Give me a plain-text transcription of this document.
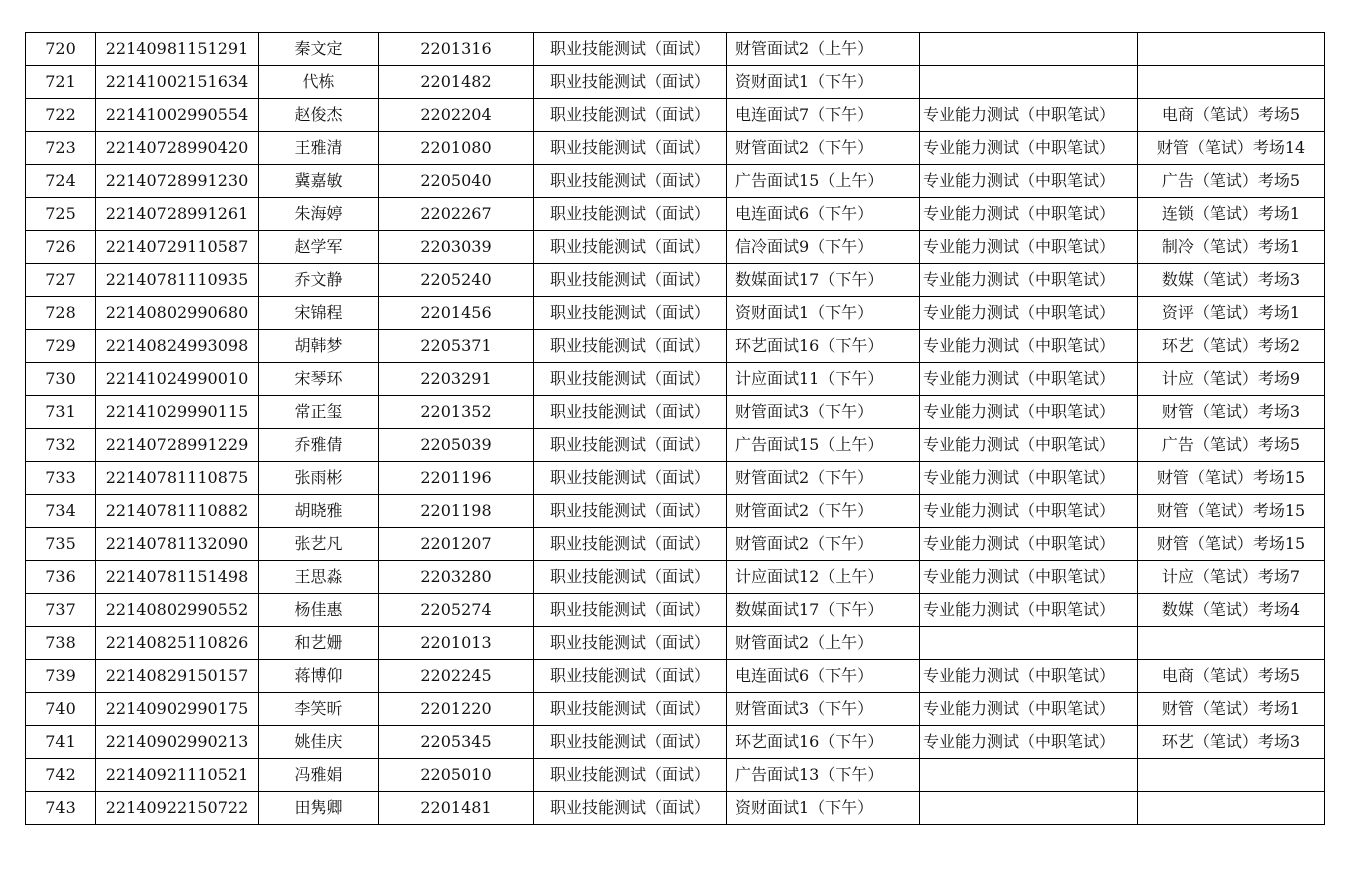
720	22140981151291	秦文定	2201316	职业技能测试（面试）	财管面试2（上午）		
721	22141002151634	代栋	2201482	职业技能测试（面试）	资财面试1（下午）		
722	22141002990554	赵俊杰	2202204	职业技能测试（面试）	电连面试7（下午）	专业能力测试（中职笔试）	电商（笔试）考场5
723	22140728990420	王雅清	2201080	职业技能测试（面试）	财管面试2（下午）	专业能力测试（中职笔试）	财管（笔试）考场14
724	22140728991230	冀嘉敏	2205040	职业技能测试（面试）	广告面试15（上午）	专业能力测试（中职笔试）	广告（笔试）考场5
725	22140728991261	朱海婷	2202267	职业技能测试（面试）	电连面试6（下午）	专业能力测试（中职笔试）	连锁（笔试）考场1
726	22140729110587	赵学军	2203039	职业技能测试（面试）	信冷面试9（下午）	专业能力测试（中职笔试）	制冷（笔试）考场1
727	22140781110935	乔文静	2205240	职业技能测试（面试）	数媒面试17（下午）	专业能力测试（中职笔试）	数媒（笔试）考场3
728	22140802990680	宋锦程	2201456	职业技能测试（面试）	资财面试1（下午）	专业能力测试（中职笔试）	资评（笔试）考场1
729	22140824993098	胡韩梦	2205371	职业技能测试（面试）	环艺面试16（下午）	专业能力测试（中职笔试）	环艺（笔试）考场2
730	22141024990010	宋琴环	2203291	职业技能测试（面试）	计应面试11（下午）	专业能力测试（中职笔试）	计应（笔试）考场9
731	22141029990115	常正玺	2201352	职业技能测试（面试）	财管面试3（下午）	专业能力测试（中职笔试）	财管（笔试）考场3
732	22140728991229	乔雅倩	2205039	职业技能测试（面试）	广告面试15（上午）	专业能力测试（中职笔试）	广告（笔试）考场5
733	22140781110875	张雨彬	2201196	职业技能测试（面试）	财管面试2（下午）	专业能力测试（中职笔试）	财管（笔试）考场15
734	22140781110882	胡晓雅	2201198	职业技能测试（面试）	财管面试2（下午）	专业能力测试（中职笔试）	财管（笔试）考场15
735	22140781132090	张艺凡	2201207	职业技能测试（面试）	财管面试2（下午）	专业能力测试（中职笔试）	财管（笔试）考场15
736	22140781151498	王思淼	2203280	职业技能测试（面试）	计应面试12（上午）	专业能力测试（中职笔试）	计应（笔试）考场7
737	22140802990552	杨佳惠	2205274	职业技能测试（面试）	数媒面试17（下午）	专业能力测试（中职笔试）	数媒（笔试）考场4
738	22140825110826	和艺姗	2201013	职业技能测试（面试）	财管面试2（上午）		
739	22140829150157	蒋博仰	2202245	职业技能测试（面试）	电连面试6（下午）	专业能力测试（中职笔试）	电商（笔试）考场5
740	22140902990175	李笑昕	2201220	职业技能测试（面试）	财管面试3（下午）	专业能力测试（中职笔试）	财管（笔试）考场1
741	22140902990213	姚佳庆	2205345	职业技能测试（面试）	环艺面试16（下午）	专业能力测试（中职笔试）	环艺（笔试）考场3
742	22140921110521	冯雅娟	2205010	职业技能测试（面试）	广告面试13（下午）		
743	22140922150722	田隽卿	2201481	职业技能测试（面试）	资财面试1（下午）		
